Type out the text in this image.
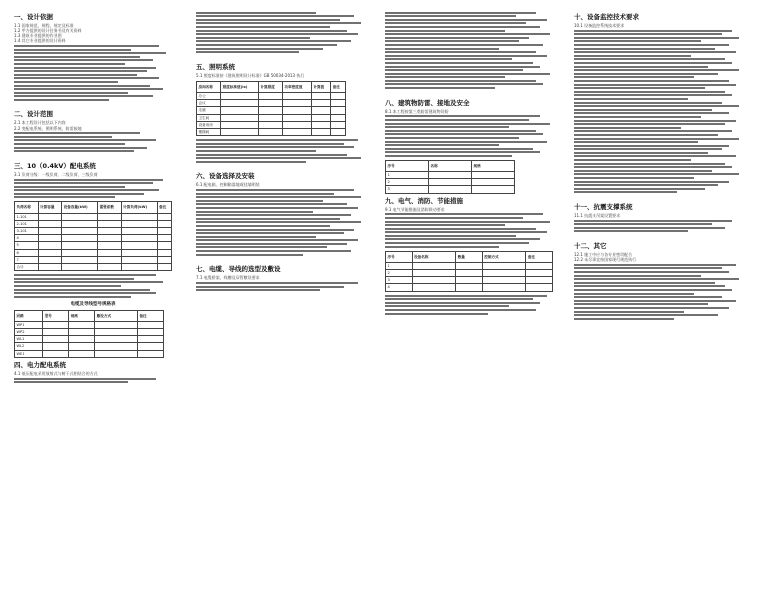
一、设计依据
1.1 国家规范、规程、规定及标准
1.2 甲方提供的设计任务书及有关资料
1.3 建筑专业提供的作业图
1.4 其它专业提供的设计资料
二、设计范围
2.1 本工程设计包括以下内容
2.2 变配电系统、照明系统、防雷接地
三、10（0.4kV）配电系统
3.1 负荷分级：一级负荷、二级负荷、三级负荷
负荷名称	计算容量	设备容量(kW)	需要系数	计算负荷(kW)	备注
1-101					
2-101					
3-101					
4					
5					
6					
7					
合计					
电缆及导线型号规格表
回路	型号	规格	敷设方式	备注
WP1				
WP2				
WL1				
WL2				
WE1				
四、电力配电系统
4.1 低压配电采用放射式与树干式相结合的方式
五、照明系统
5.1 照度标准按《建筑照明设计标准》GB 50034-2013 执行
房间名称	照度标准值(lx)	计算照度	功率密度值	计算值	备注
办公					
会议					
走廊					
卫生间					
设备用房					
楼梯间					
六、设备选择及安装
6.1 配电箱、控制箱落地或挂墙明装
七、电缆、导线的选型及敷设
7.1 电缆桥架、线槽及穿管敷设要求
八、建筑物防雷、接地及安全
8.1 本工程按第三类防雷建筑物设防
序号	名称	规格
1		
2		
3		
九、电气、消防、节能措施
9.1 电气节能措施及消防联动要求
序号	设备名称	数量	控制方式	备注
1				
2				
3				
4				
十、设备监控技术要求
10.1 设备监控系统技术要求
十一、抗震支撑系统
11.1 抗震支吊架设置要求
十二、其它
12.1 施工中应与各专业密切配合
12.2 未尽事宜按国家现行规范执行
